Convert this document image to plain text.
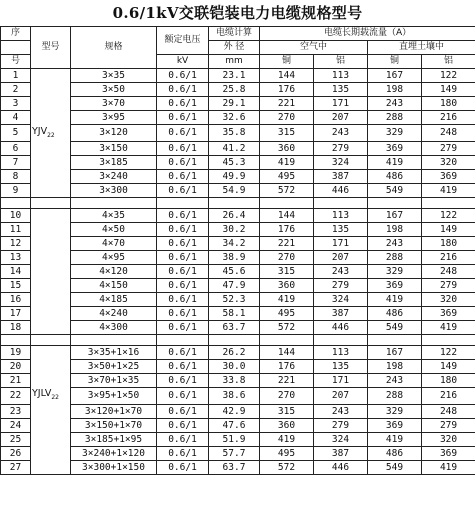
0.6/1kV交联铠装电力电缆规格型号
序	型号	规格	额定电压	电缆计算	电缆长期载流量（A）			
				外 径	空气中		直埋土壤中	
号			kV	mm	铜	铝	铜	铝
1		3×35	0.6/1	23.1	144	113	167	122
2		3×50	0.6/1	25.8	176	135	198	149
3		3×70	0.6/1	29.1	221	171	243	180
4		3×95	0.6/1	32.6	270	207	288	216
5	$YJV_{22}$	3×120	0.6/1	35.8	315	243	329	248
6		3×150	0.6/1	41.2	360	279	369	279
7		3×185	0.6/1	45.3	419	324	419	320
8		3×240	0.6/1	49.9	495	387	486	369
9		3×300	0.6/1	54.9	572	446	549	419

10		4×35	0.6/1	26.4	144	113	167	122
11		4×50	0.6/1	30.2	176	135	198	149
12		4×70	0.6/1	34.2	221	171	243	180
13		4×95	0.6/1	38.9	270	207	288	216
14		4×120	0.6/1	45.6	315	243	329	248
15		4×150	0.6/1	47.9	360	279	369	279
16		4×185	0.6/1	52.3	419	324	419	320
17		4×240	0.6/1	58.1	495	387	486	369
18		4×300	0.6/1	63.7	572	446	549	419

19		3×35+1×16	0.6/1	26.2	144	113	167	122
20		3×50+1×25	0.6/1	30.0	176	135	198	149
21		3×70+1×35	0.6/1	33.8	221	171	243	180
22	$YJLV_{22}$	3×95+1×50	0.6/1	38.6	270	207	288	216
23		3×120+1×70	0.6/1	42.9	315	243	329	248
24		3×150+1×70	0.6/1	47.6	360	279	369	279
25		3×185+1×95	0.6/1	51.9	419	324	419	320
26		3×240+1×120	0.6/1	57.7	495	387	486	369
27		3×300+1×150	0.6/1	63.7	572	446	549	419
